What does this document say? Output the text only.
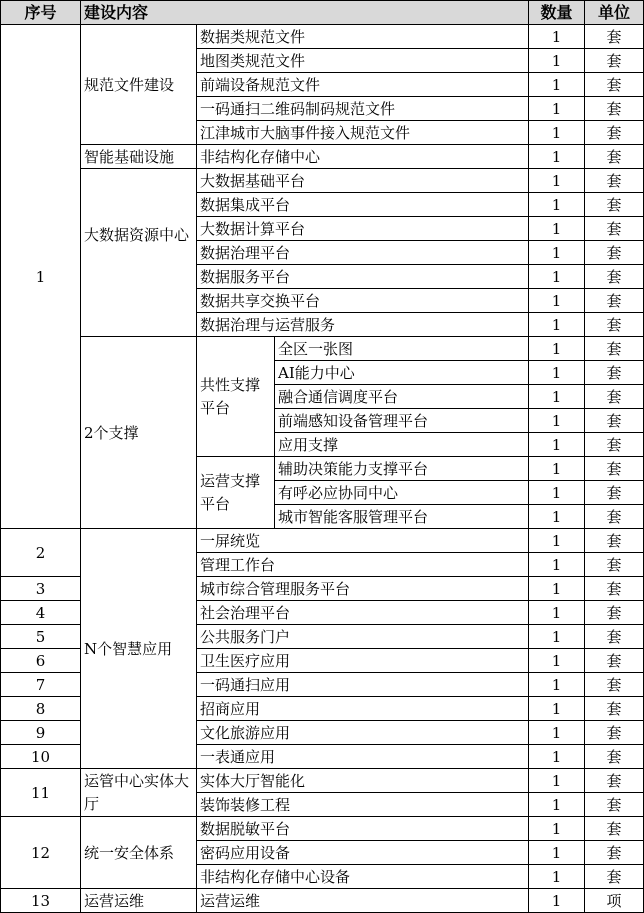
序号	建设内容			数量	单位
1	规范文件建设	数据类规范文件		1	套
		地图类规范文件		1	套
		前端设备规范文件		1	套
		一码通扫二维码制码规范文件		1	套
		江津城市大脑事件接入规范文件		1	套
	智能基础设施	非结构化存储中心		1	套
	大数据资源中心	大数据基础平台		1	套
		数据集成平台		1	套
		大数据计算平台		1	套
		数据治理平台		1	套
		数据服务平台		1	套
		数据共享交换平台		1	套
		数据治理与运营服务		1	套
	2个支撑	共性支撑平台	全区一张图	1	套
			AI能力中心	1	套
			融合通信调度平台	1	套
			前端感知设备管理平台	1	套
			应用支撑	1	套
		运营支撑平台	辅助决策能力支撑平台	1	套
			有呼必应协同中心	1	套
			城市智能客服管理平台	1	套
2	N个智慧应用	一屏统览		1	套
		管理工作台		1	套
3		城市综合管理服务平台		1	套
4		社会治理平台		1	套
5		公共服务门户		1	套
6		卫生医疗应用		1	套
7		一码通扫应用		1	套
8		招商应用		1	套
9		文化旅游应用		1	套
10		一表通应用		1	套
11	运管中心实体大厅	实体大厅智能化		1	套
		装饰装修工程		1	套
12	统一安全体系	数据脱敏平台		1	套
		密码应用设备		1	套
		非结构化存储中心设备		1	套
13	运营运维	运营运维		1	项
